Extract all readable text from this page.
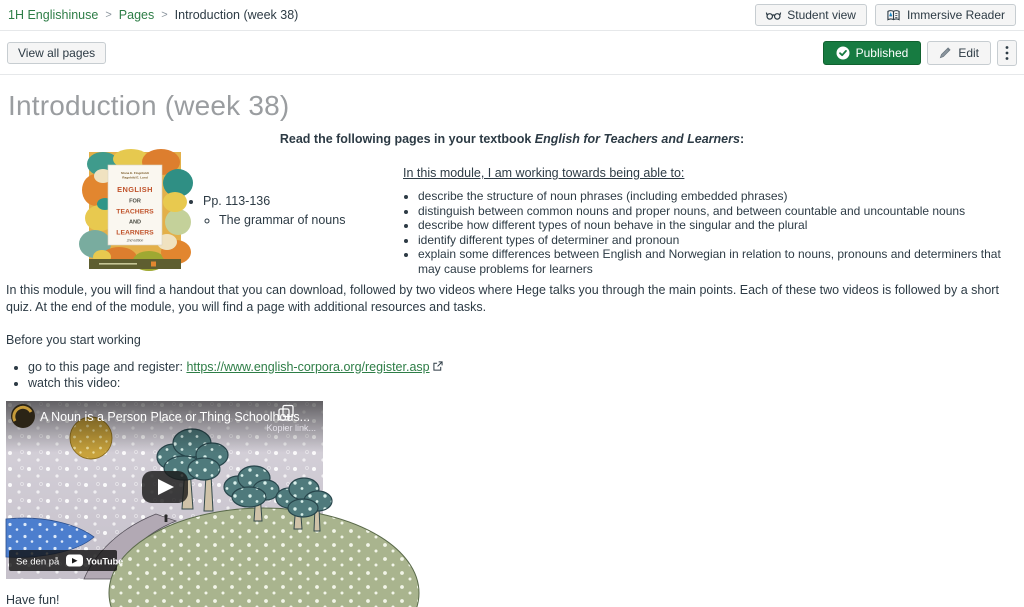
1H Englishinuse > Pages > Introduction (week 38)	Student view	Immersive Reader
View all pages	Published	Edit
Introduction (week 38)

Read the following pages in your textbook English for Teachers and Learners:

Mona E. Flognfeldt
Ragnhild E. Lund
ENGLISH
FOR
TEACHERS
AND
LEARNERS
2nd edition
• Pp. 113-136
◦ The grammar of nouns

In this module, I am working towards being able to:

• describe the structure of noun phrases (including embedded phrases)
• distinguish between common nouns and proper nouns, and between countable and uncountable nouns
• describe how different types of noun behave in the singular and the plural
• identify different types of determiner and pronoun
• explain some differences between English and Norwegian in relation to nouns, pronouns and determiners that may cause problems for learners

In this module, you will find a handout that you can download, followed by two videos where Hege talks you through the main points. Each of these two videos is followed by a short quiz. At the end of the module, you will find a page with additional resources and tasks.

Before you start working

• go to this page and register: https://www.english-corpora.org/register.asp
• watch this video:
A Noun is a Person Place or Thing Schoolhous...
Kopier link...
Se den på	YouTube

Have fun!
